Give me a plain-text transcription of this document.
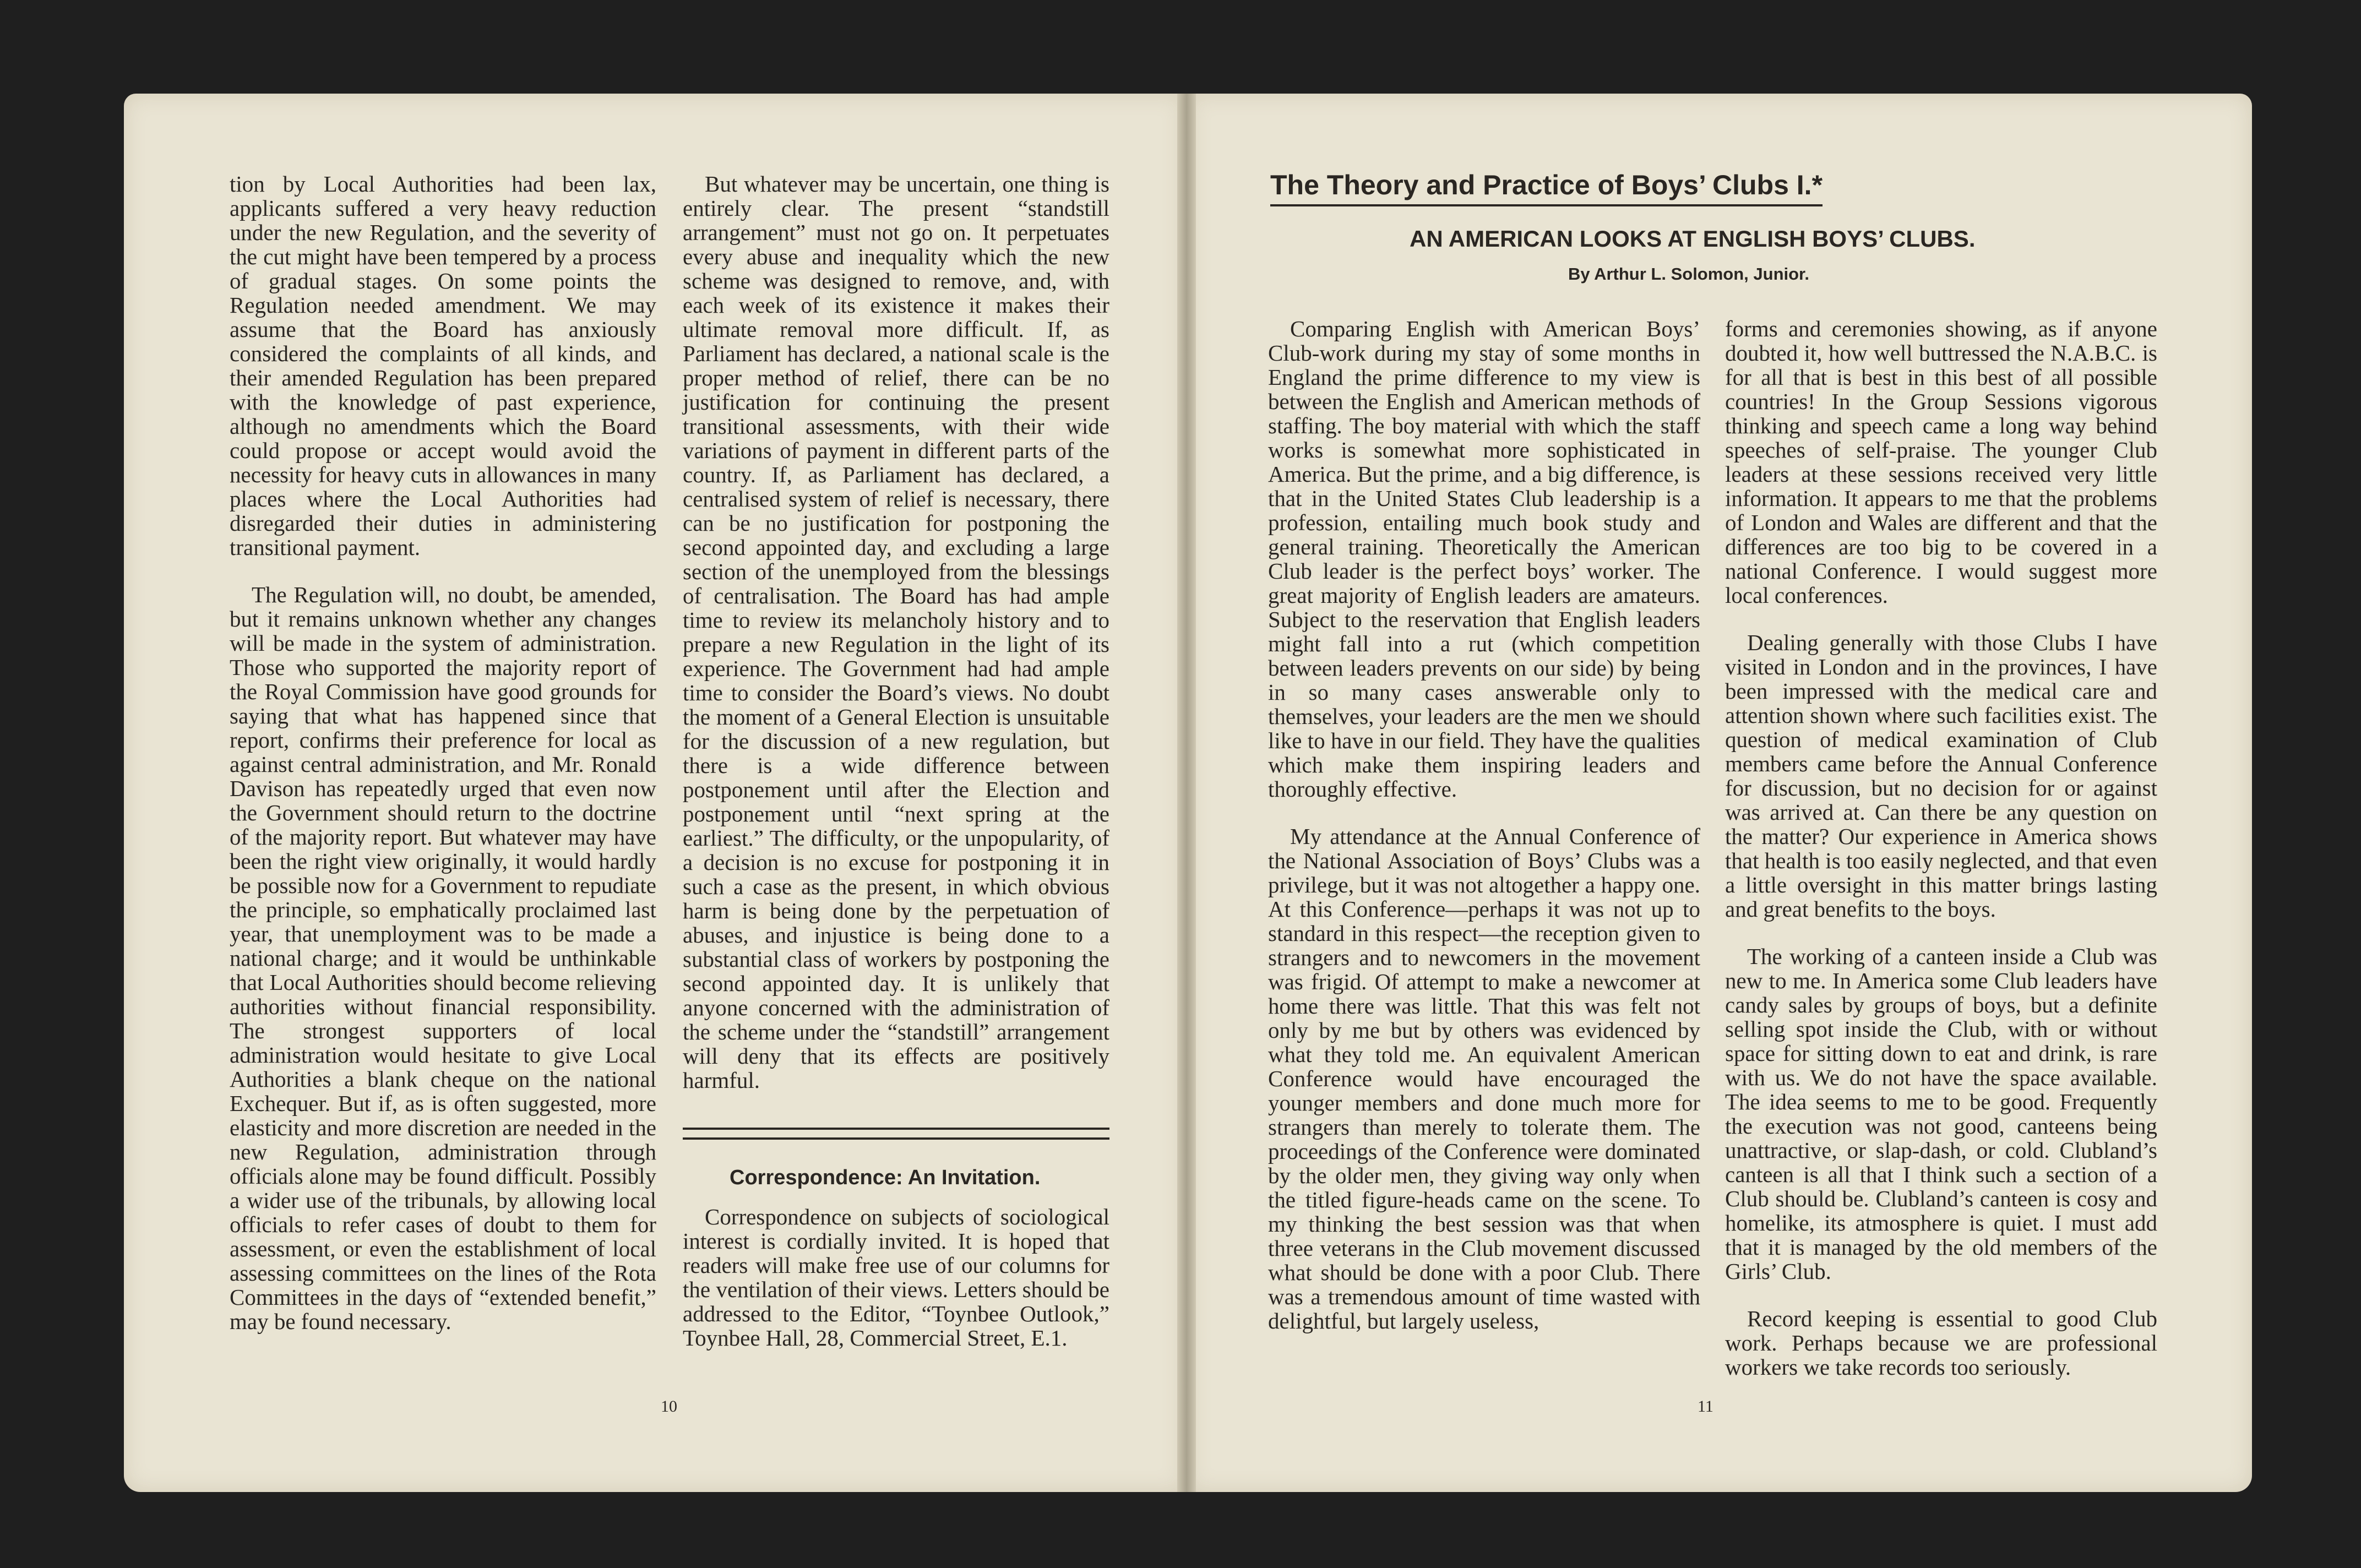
tion by Local Authorities had been lax, applicants suffered a very heavy reduction under the new Regulation, and the severity of the cut might have been tempered by a process of gradual stages. On some points the Regulation needed amendment. We may assume that the Board has anxiously considered the complaints of all kinds, and their amended Regulation has been prepared with the knowledge of past experience, although no amendments which the Board could propose or accept would avoid the necessity for heavy cuts in allowances in many places where the Local Authorities had disregarded their duties in administering transitional payment.

The Regulation will, no doubt, be amended, but it remains unknown whether any changes will be made in the system of administration. Those who supported the majority report of the Royal Commission have good grounds for saying that what has happened since that report, confirms their preference for local as against central administration, and Mr. Ronald Davison has repeatedly urged that even now the Government should return to the doctrine of the majority report. But whatever may have been the right view originally, it would hardly be possible now for a Government to repudiate the principle, so emphatically proclaimed last year, that unemployment was to be made a national charge; and it would be unthinkable that Local Authorities should become relieving authorities without financial responsibility. The strongest supporters of local administration would hesitate to give Local Authorities a blank cheque on the national Exchequer. But if, as is often suggested, more elasticity and more discretion are needed in the new Regulation, administration through officials alone may be found difficult. Possibly a wider use of the tribunals, by allowing local officials to refer cases of doubt to them for assessment, or even the establishment of local assessing committees on the lines of the Rota Committees in the days of “extended benefit,” may be found necessary.

But whatever may be uncertain, one thing is entirely clear. The present “standstill arrangement” must not go on. It perpetuates every abuse and inequality which the new scheme was designed to remove, and, with each week of its existence it makes their ultimate removal more difficult. If, as Parliament has declared, a national scale is the proper method of relief, there can be no justification for continuing the present transitional assessments, with their wide variations of payment in different parts of the country. If, as Parliament has declared, a centralised system of relief is necessary, there can be no justification for postponing the second appointed day, and excluding a large section of the unemployed from the blessings of centralisation. The Board has had ample time to review its melancholy history and to prepare a new Regulation in the light of its experience. The Government had had ample time to consider the Board’s views. No doubt the moment of a General Election is unsuitable for the discussion of a new regulation, but there is a wide difference between postponement until after the Election and postponement until “next spring at the earliest.” The difficulty, or the unpopularity, of a decision is no excuse for postponing it in such a case as the present, in which obvious harm is being done by the perpetuation of abuses, and injustice is being done to a substantial class of workers by postponing the second appointed day. It is unlikely that anyone concerned with the administration of the scheme under the “standstill” arrangement will deny that its effects are positively harmful.

Correspondence: An Invitation.

Correspondence on subjects of sociological interest is cordially invited. It is hoped that readers will make free use of our columns for the ventilation of their views. Letters should be addressed to the Editor, “Toynbee Outlook,” Toynbee Hall, 28, Commercial Street, E.1.

10
The Theory and Practice of Boys’ Clubs I.*
AN AMERICAN LOOKS AT ENGLISH BOYS’ CLUBS.
By Arthur L. Solomon, Junior.

Comparing English with American Boys’ Club-work during my stay of some months in England the prime difference to my view is between the English and American methods of staffing. The boy material with which the staff works is somewhat more sophisticated in America. But the prime, and a big difference, is that in the United States Club leadership is a profession, entailing much book study and general training. Theoretically the American Club leader is the perfect boys’ worker. The great majority of English leaders are amateurs. Subject to the reservation that English leaders might fall into a rut (which competition between leaders prevents on our side) by being in so many cases answerable only to themselves, your leaders are the men we should like to have in our field. They have the qualities which make them inspiring leaders and thoroughly effective.

My attendance at the Annual Conference of the National Association of Boys’ Clubs was a privilege, but it was not altogether a happy one. At this Conference—perhaps it was not up to standard in this respect—the reception given to strangers and to newcomers in the movement was frigid. Of attempt to make a newcomer at home there was little. That this was felt not only by me but by others was evidenced by what they told me. An equivalent American Conference would have encouraged the younger members and done much more for strangers than merely to tolerate them. The proceedings of the Conference were dominated by the older men, they giving way only when the titled figure-heads came on the scene. To my thinking the best session was that when three veterans in the Club movement discussed what should be done with a poor Club. There was a tremendous amount of time wasted with delightful, but largely useless,

forms and ceremonies showing, as if anyone doubted it, how well buttressed the N.A.B.C. is for all that is best in this best of all possible countries! In the Group Sessions vigorous thinking and speech came a long way behind speeches of self-praise. The younger Club leaders at these sessions received very little information. It appears to me that the problems of London and Wales are different and that the differences are too big to be covered in a national Conference. I would suggest more local conferences.

Dealing generally with those Clubs I have visited in London and in the provinces, I have been impressed with the medical care and attention shown where such facilities exist. The question of medical examination of Club members came before the Annual Conference for discussion, but no decision for or against was arrived at. Can there be any question on the matter? Our experience in America shows that health is too easily neglected, and that even a little oversight in this matter brings lasting and great benefits to the boys.

The working of a canteen inside a Club was new to me. In America some Club leaders have candy sales by groups of boys, but a definite selling spot inside the Club, with or without space for sitting down to eat and drink, is rare with us. We do not have the space available. The idea seems to me to be good. Frequently the execution was not good, canteens being unattractive, or slap-dash, or cold. Clubland’s canteen is all that I think such a section of a Club should be. Clubland’s canteen is cosy and homelike, its atmosphere is quiet. I must add that it is managed by the old members of the Girls’ Club.

Record keeping is essential to good Club work. Perhaps because we are professional workers we take records too seriously.

11
